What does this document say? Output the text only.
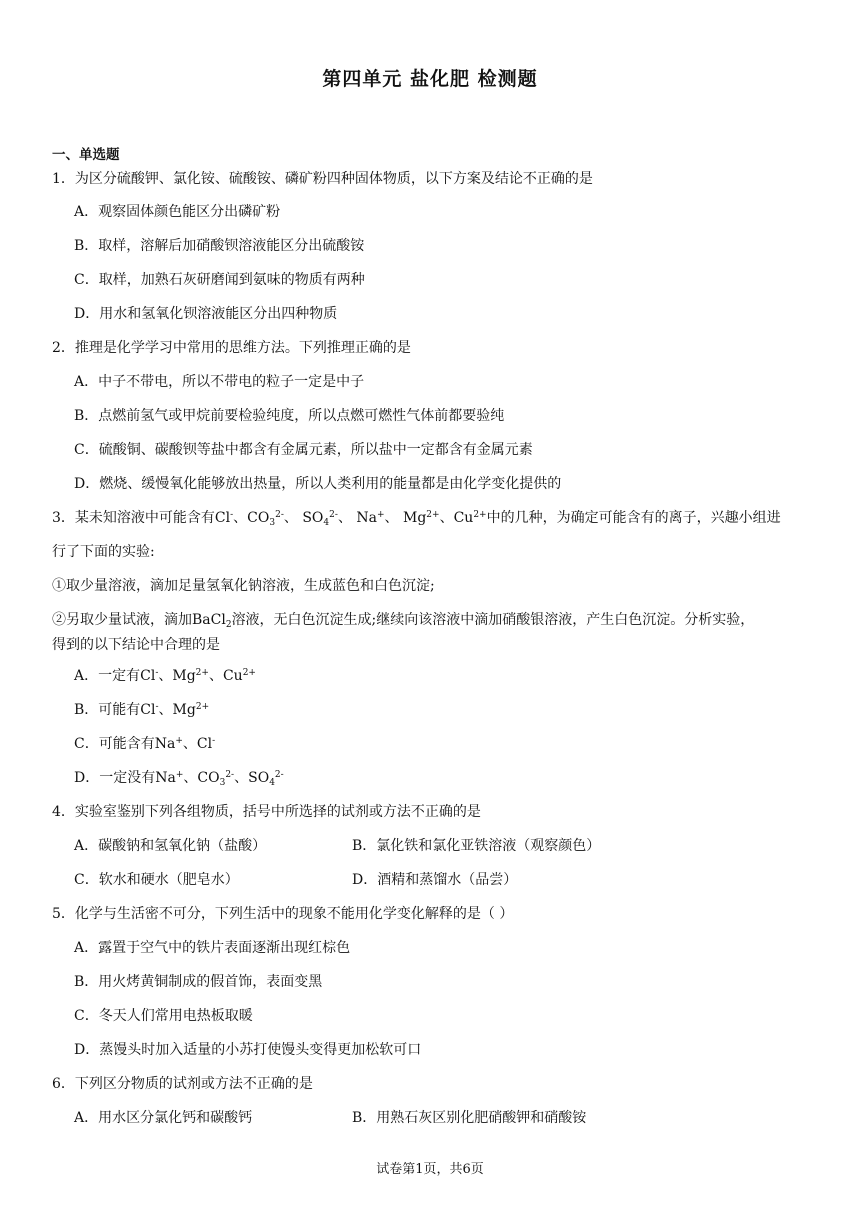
第四单元 盐化肥 检测题
一、单选题
1．为区分硫酸钾、氯化铵、硫酸铵、磷矿粉四种固体物质，以下方案及结论不正确的是
A．观察固体颜色能区分出磷矿粉
B．取样，溶解后加硝酸钡溶液能区分出硫酸铵
C．取样，加熟石灰研磨闻到氨味的物质有两种
D．用水和氢氧化钡溶液能区分出四种物质
2．推理是化学学习中常用的思维方法。下列推理正确的是
A．中子不带电，所以不带电的粒子一定是中子
B．点燃前氢气或甲烷前要检验纯度，所以点燃可燃性气体前都要验纯
C．硫酸铜、碳酸钡等盐中都含有金属元素，所以盐中一定都含有金属元素
D．燃烧、缓慢氧化能够放出热量，所以人类利用的能量都是由化学变化提供的
3．某未知溶液中可能含有Cl-、$CO_3^{2-}$、 $SO_4^{2-}$、 Na+、 $Mg^{2+}$、$Cu^{2+}$中的几种，为确定可能含有的离子，兴趣小组进
行了下面的实验:
①取少量溶液，滴加足量氢氧化钠溶液，生成蓝色和白色沉淀;
②另取少量试液，滴加BaCl$_2$溶液，无白色沉淀生成;继续向该溶液中滴加硝酸银溶液，产生白色沉淀。分析实验，
得到的以下结论中合理的是
A．一定有Cl-、$Mg^{2+}$、$Cu^{2+}$
B．可能有Cl-、$Mg^{2+}$
C．可能含有Na+、Cl-
D．一定没有Na+、$CO_3^{2-}$、$SO_4^{2-}$
4．实验室鉴别下列各组物质，括号中所选择的试剂或方法不正确的是
A．碳酸钠和氢氧化钠（盐酸）	B．氯化铁和氯化亚铁溶液（观察颜色）
C．软水和硬水（肥皂水）	D．酒精和蒸馏水（品尝）
5．化学与生活密不可分，下列生活中的现象不能用化学变化解释的是（ ）
A．露置于空气中的铁片表面逐渐出现红棕色
B．用火烤黄铜制成的假首饰，表面变黑
C．冬天人们常用电热板取暖
D．蒸馒头时加入适量的小苏打使馒头变得更加松软可口
6．下列区分物质的试剂或方法不正确的是
A．用水区分氯化钙和碳酸钙	B．用熟石灰区别化肥硝酸钾和硝酸铵
试卷第1页，共6页
